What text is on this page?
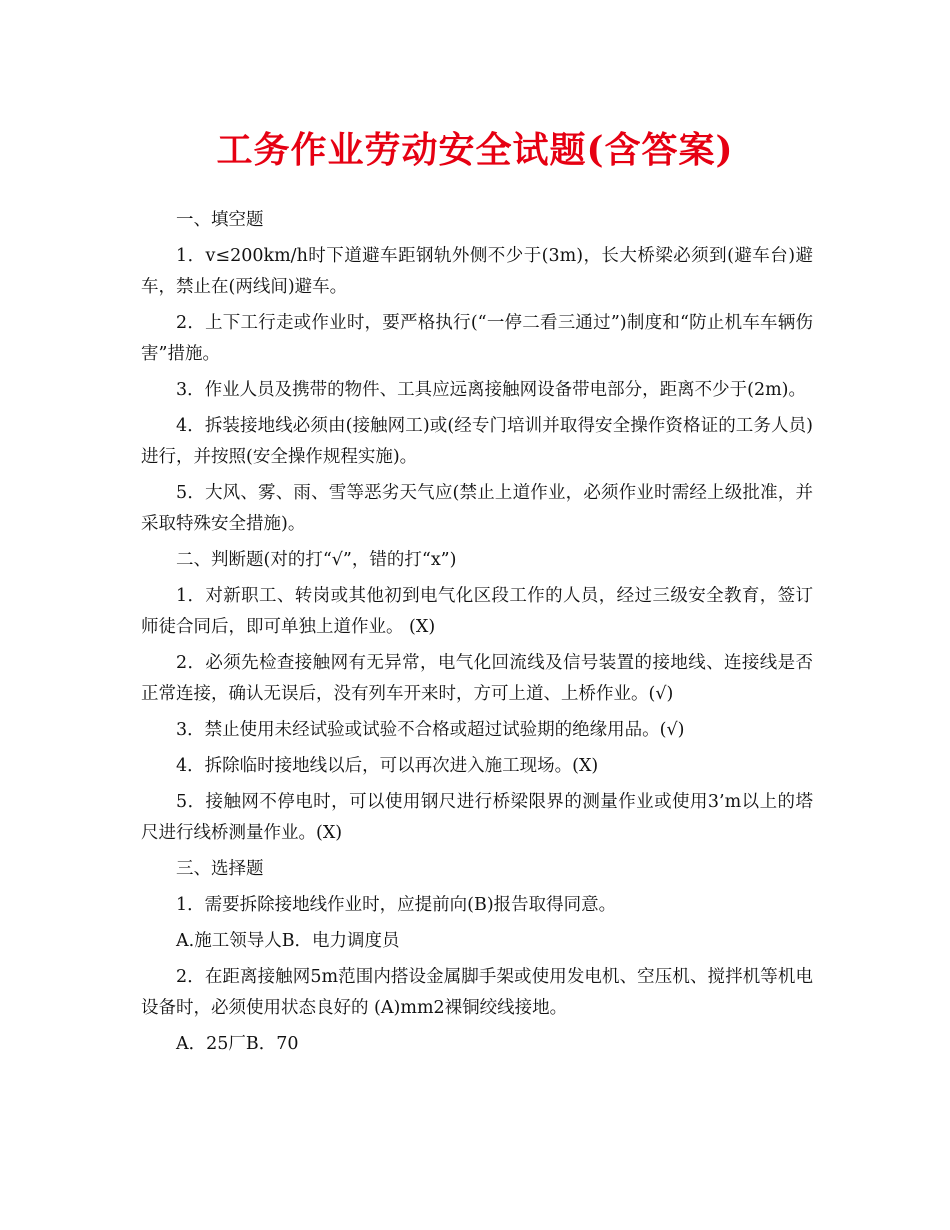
工务作业劳动安全试题(含答案)

一、填空题

1．v≤200km/h时下道避车距钢轨外侧不少于(3m)，长大桥梁必须到(避车台)避车，禁止在(两线间)避车。

2．上下工行走或作业时，要严格执行(“一停二看三通过”)制度和“防止机车车辆伤害”措施。

3．作业人员及携带的物件、工具应远离接触网设备带电部分，距离不少于(2m)。

4．拆装接地线必须由(接触网工)或(经专门培训并取得安全操作资格证的工务人员)进行，并按照(安全操作规程实施)。

5．大风、雾、雨、雪等恶劣天气应(禁止上道作业，必须作业时需经上级批准，并采取特殊安全措施)。

二、判断题(对的打“√”，错的打“x”)

1．对新职工、转岗或其他初到电气化区段工作的人员，经过三级安全教育，签订师徒合同后，即可单独上道作业。 (X)

2．必须先检查接触网有无异常，电气化回流线及信号装置的接地线、连接线是否正常连接，确认无误后，没有列车开来时，方可上道、上桥作业。(√)

3．禁止使用未经试验或试验不合格或超过试验期的绝缘用品。(√)

4．拆除临时接地线以后，可以再次进入施工现场。(X)

5．接触网不停电时，可以使用钢尺进行桥梁限界的测量作业或使用3’m以上的塔尺进行线桥测量作业。(X)

三、选择题

1．需要拆除接地线作业时，应提前向(B)报告取得同意。

A.施工领导人B．电力调度员

2．在距离接触网5m范围内搭设金属脚手架或使用发电机、空压机、搅拌机等机电设备时，必须使用状态良好的 (A)mm2裸铜绞线接地。

A．25厂B．70
